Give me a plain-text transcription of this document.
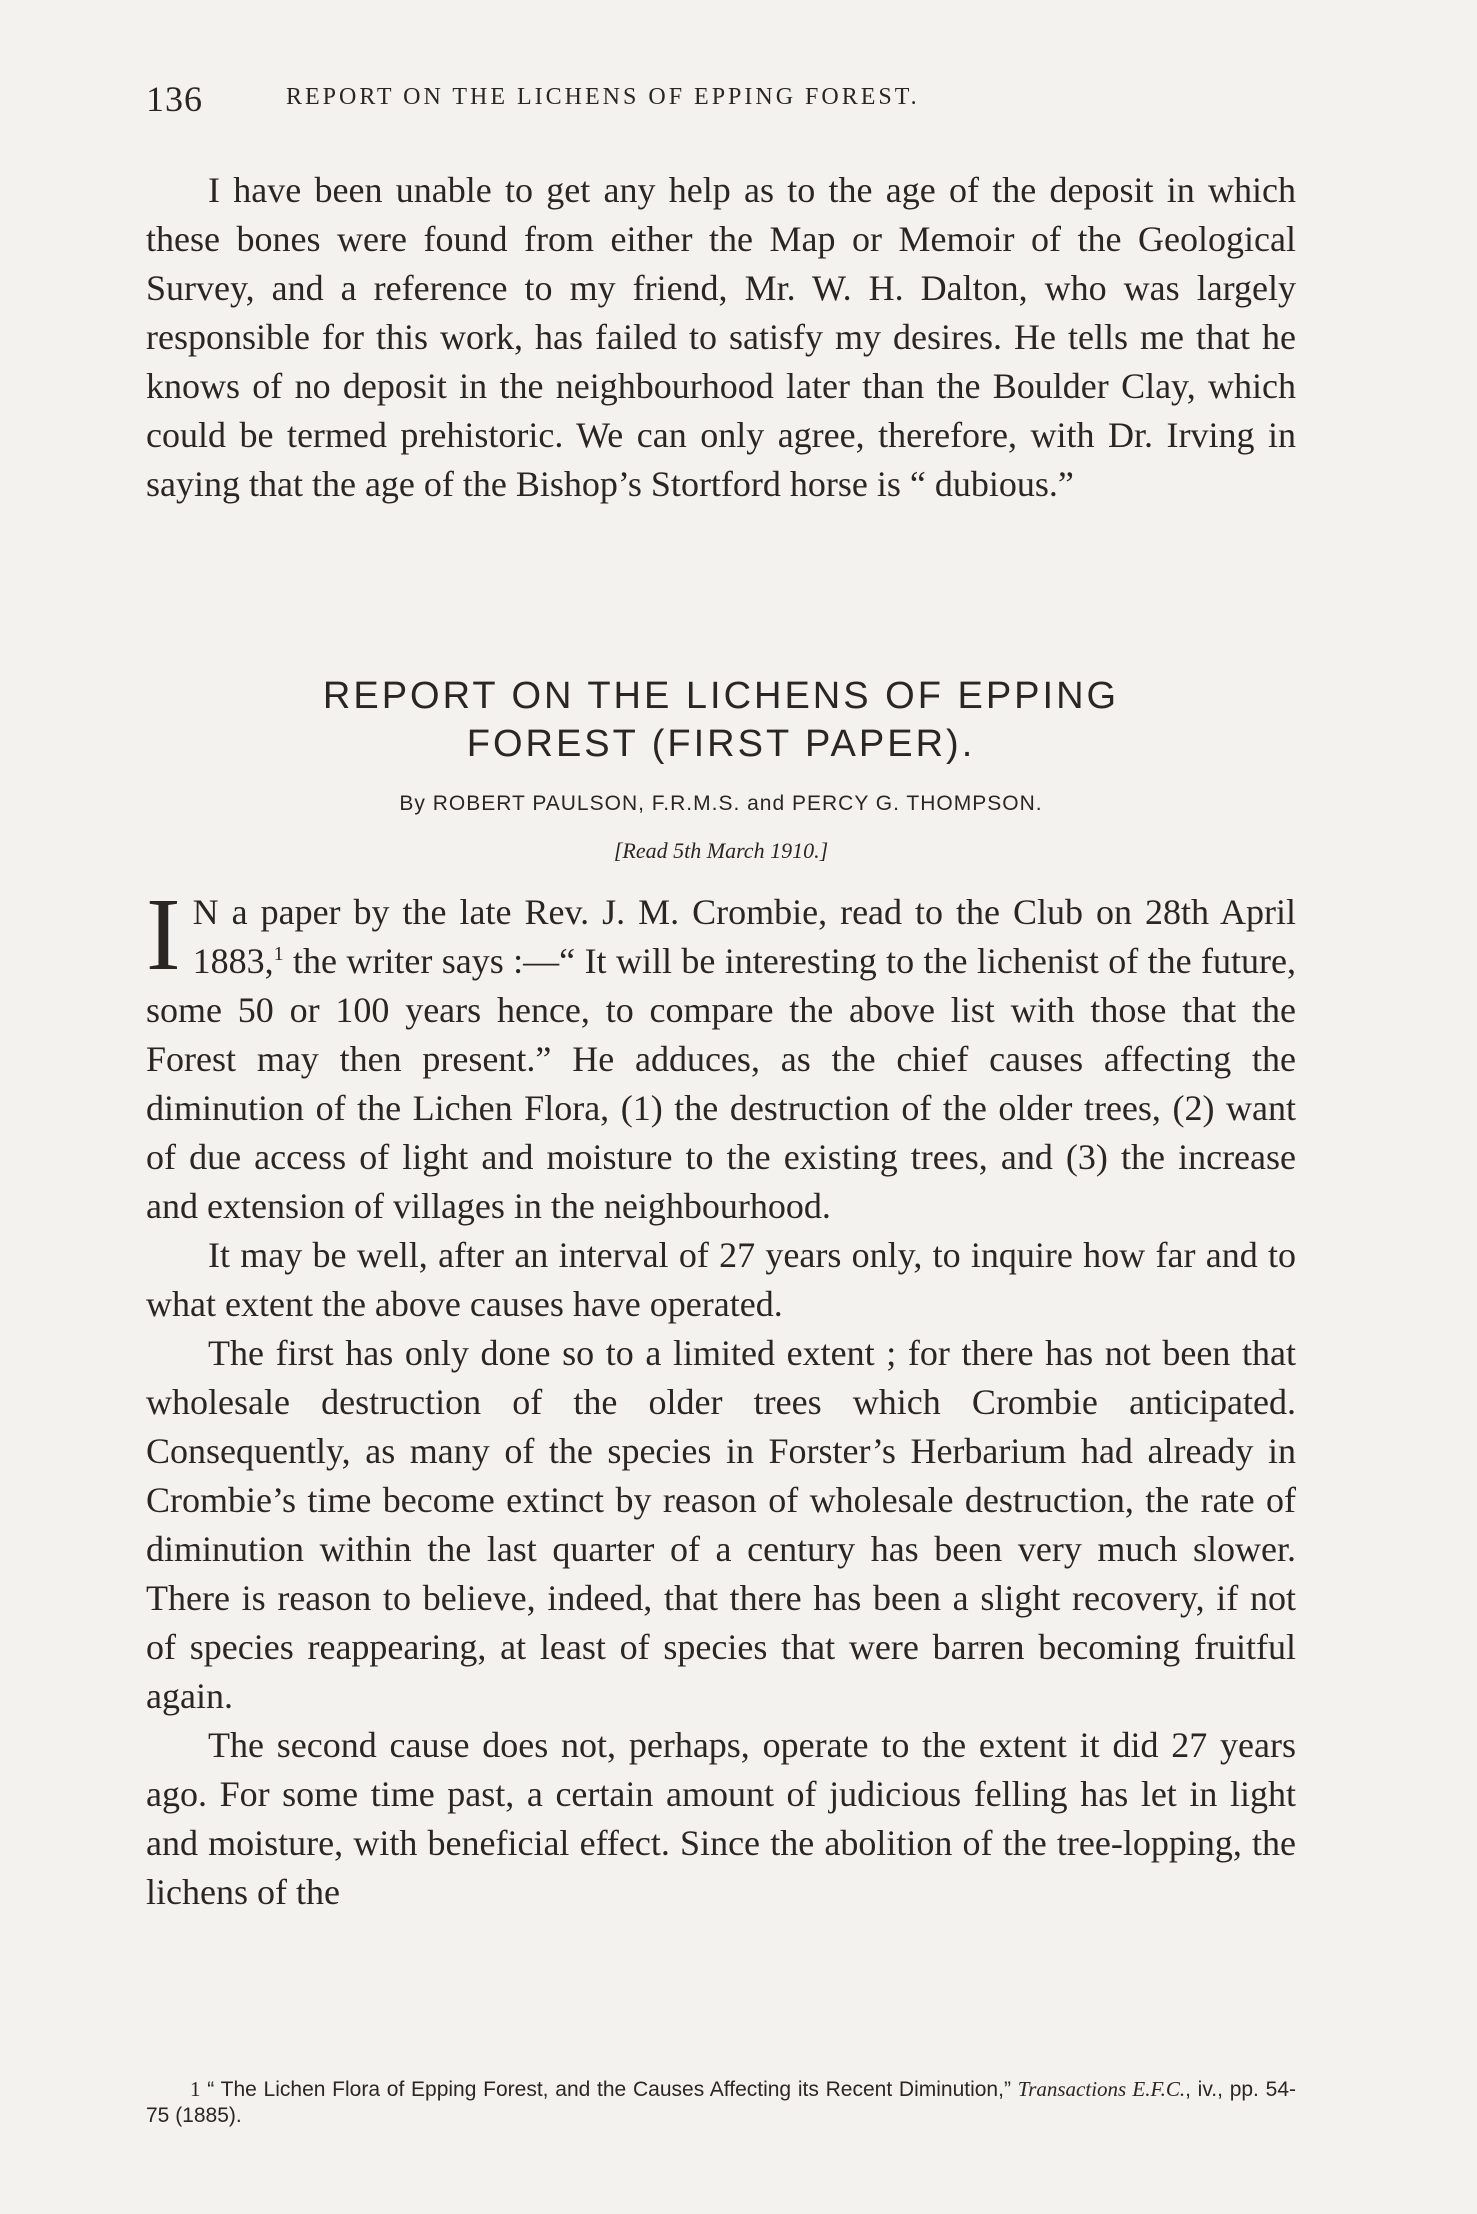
136	REPORT ON THE LICHENS OF EPPING FOREST.

I have been unable to get any help as to the age of the deposit in which these bones were found from either the Map or Memoir of the Geological Survey, and a reference to my friend, Mr. W. H. Dalton, who was largely responsible for this work, has failed to satisfy my desires. He tells me that he knows of no deposit in the neighbourhood later than the Boulder Clay, which could be termed prehistoric. We can only agree, therefore, with Dr. Irving in saying that the age of the Bishop’s Stortford horse is “ dubious.”

REPORT ON THE LICHENS OF EPPING
FOREST (FIRST PAPER).
By ROBERT PAULSON, F.R.M.S. and PERCY G. THOMPSON.
[Read 5th March 1910.]

I N a paper by the late Rev. J. M. Crombie, read to the Club on 28th April 1883,$^1$ the writer says :—“ It will be interesting to the lichenist of the future, some 50 or 100 years hence, to compare the above list with those that the Forest may then present.” He adduces, as the chief causes affecting the diminution of the Lichen Flora, (1) the destruction of the older trees, (2) want of due access of light and moisture to the existing trees, and (3) the increase and extension of villages in the neighbourhood.

It may be well, after an interval of 27 years only, to inquire how far and to what extent the above causes have operated.

The first has only done so to a limited extent ; for there has not been that wholesale destruction of the older trees which Crombie anticipated. Consequently, as many of the species in Forster’s Herbarium had already in Crombie’s time become extinct by reason of wholesale destruction, the rate of diminution within the last quarter of a century has been very much slower. There is reason to believe, indeed, that there has been a slight recovery, if not of species reappearing, at least of species that were barren becoming fruitful again.

The second cause does not, perhaps, operate to the extent it did 27 years ago. For some time past, a certain amount of judicious felling has let in light and moisture, with beneficial effect. Since the abolition of the tree-lopping, the lichens of the

1 “ The Lichen Flora of Epping Forest, and the Causes Affecting its Recent Diminution,” Transactions E.F.C., iv., pp. 54-75 (1885).
